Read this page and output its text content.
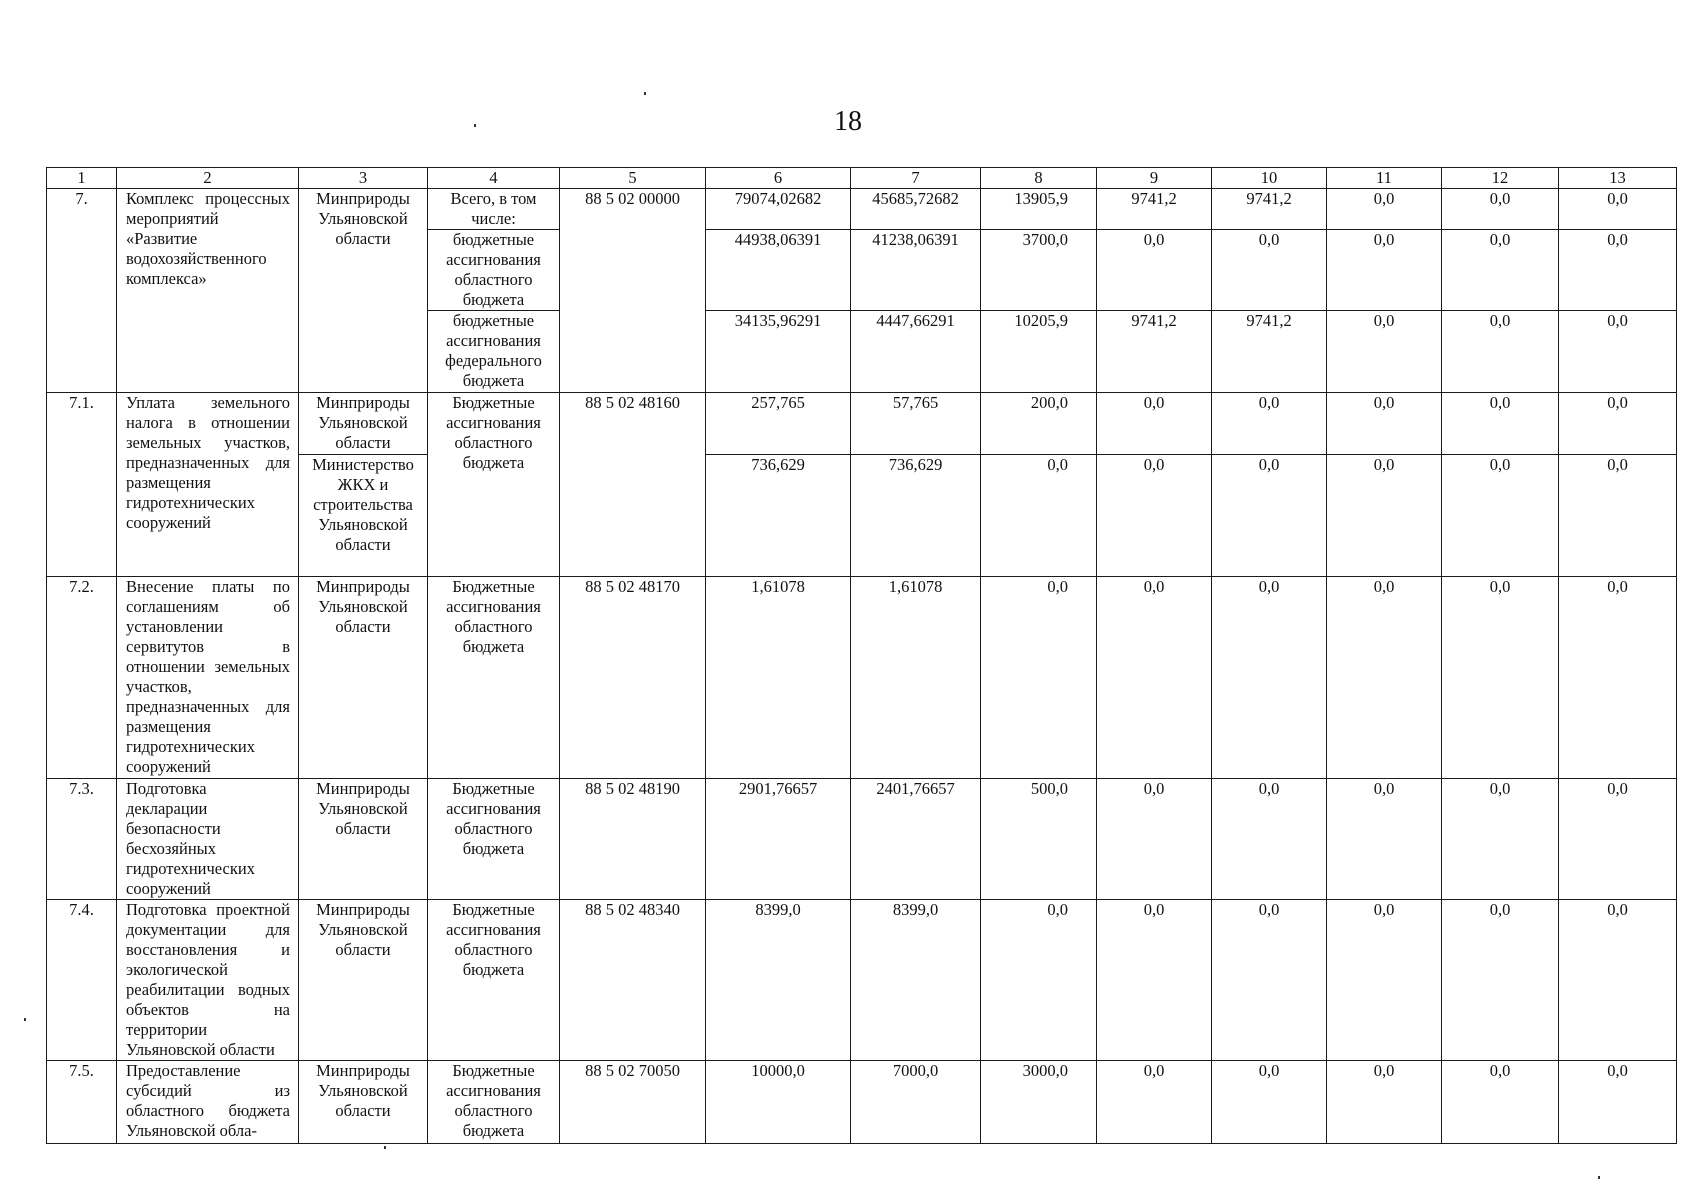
18
1	2	3	4	5	6	7	8	9	10	11	12	13
7.	Комплекс процессных мероприятий «Развитие водохозяйственного комплекса»	Минприроды Ульяновской области	Всего, в том числе:	88 5 02 00000	79074,02682	45685,72682	13905,9	9741,2	9741,2	0,0	0,0	0,0
			бюджетные ассигнования областного бюджета		44938,06391	41238,06391	3700,0	0,0	0,0	0,0	0,0	0,0
			бюджетные ассигнования федерального бюджета		34135,96291	4447,66291	10205,9	9741,2	9741,2	0,0	0,0	0,0
7.1.	Уплата земельного налога в отношении земельных участков, предназначенных для размещения гидротехнических сооружений	Минприроды Ульяновской области	Бюджетные ассигнования областного бюджета	88 5 02 48160	257,765	57,765	200,0	0,0	0,0	0,0	0,0	0,0
		Министерство ЖКХ и строительства Ульяновской области			736,629	736,629	0,0	0,0	0,0	0,0	0,0	0,0
7.2.	Внесение платы по соглашениям об установлении сервитутов в отношении земельных участков, предназначенных для размещения гидротехнических сооружений	Минприроды Ульяновской области	Бюджетные ассигнования областного бюджета	88 5 02 48170	1,61078	1,61078	0,0	0,0	0,0	0,0	0,0	0,0
7.3.	Подготовка декларации безопасности бесхозяйных гидротехнических сооружений	Минприроды Ульяновской области	Бюджетные ассигнования областного бюджета	88 5 02 48190	2901,76657	2401,76657	500,0	0,0	0,0	0,0	0,0	0,0
7.4.	Подготовка проектной документации для восстановления и экологической реабилитации водных объектов на территории Ульяновской области	Минприроды Ульяновской области	Бюджетные ассигнования областного бюджета	88 5 02 48340	8399,0	8399,0	0,0	0,0	0,0	0,0	0,0	0,0
7.5.	Предоставление субсидий из областного бюджета Ульяновской обла-	Минприроды Ульяновской области	Бюджетные ассигнования областного бюджета	88 5 02 70050	10000,0	7000,0	3000,0	0,0	0,0	0,0	0,0	0,0
